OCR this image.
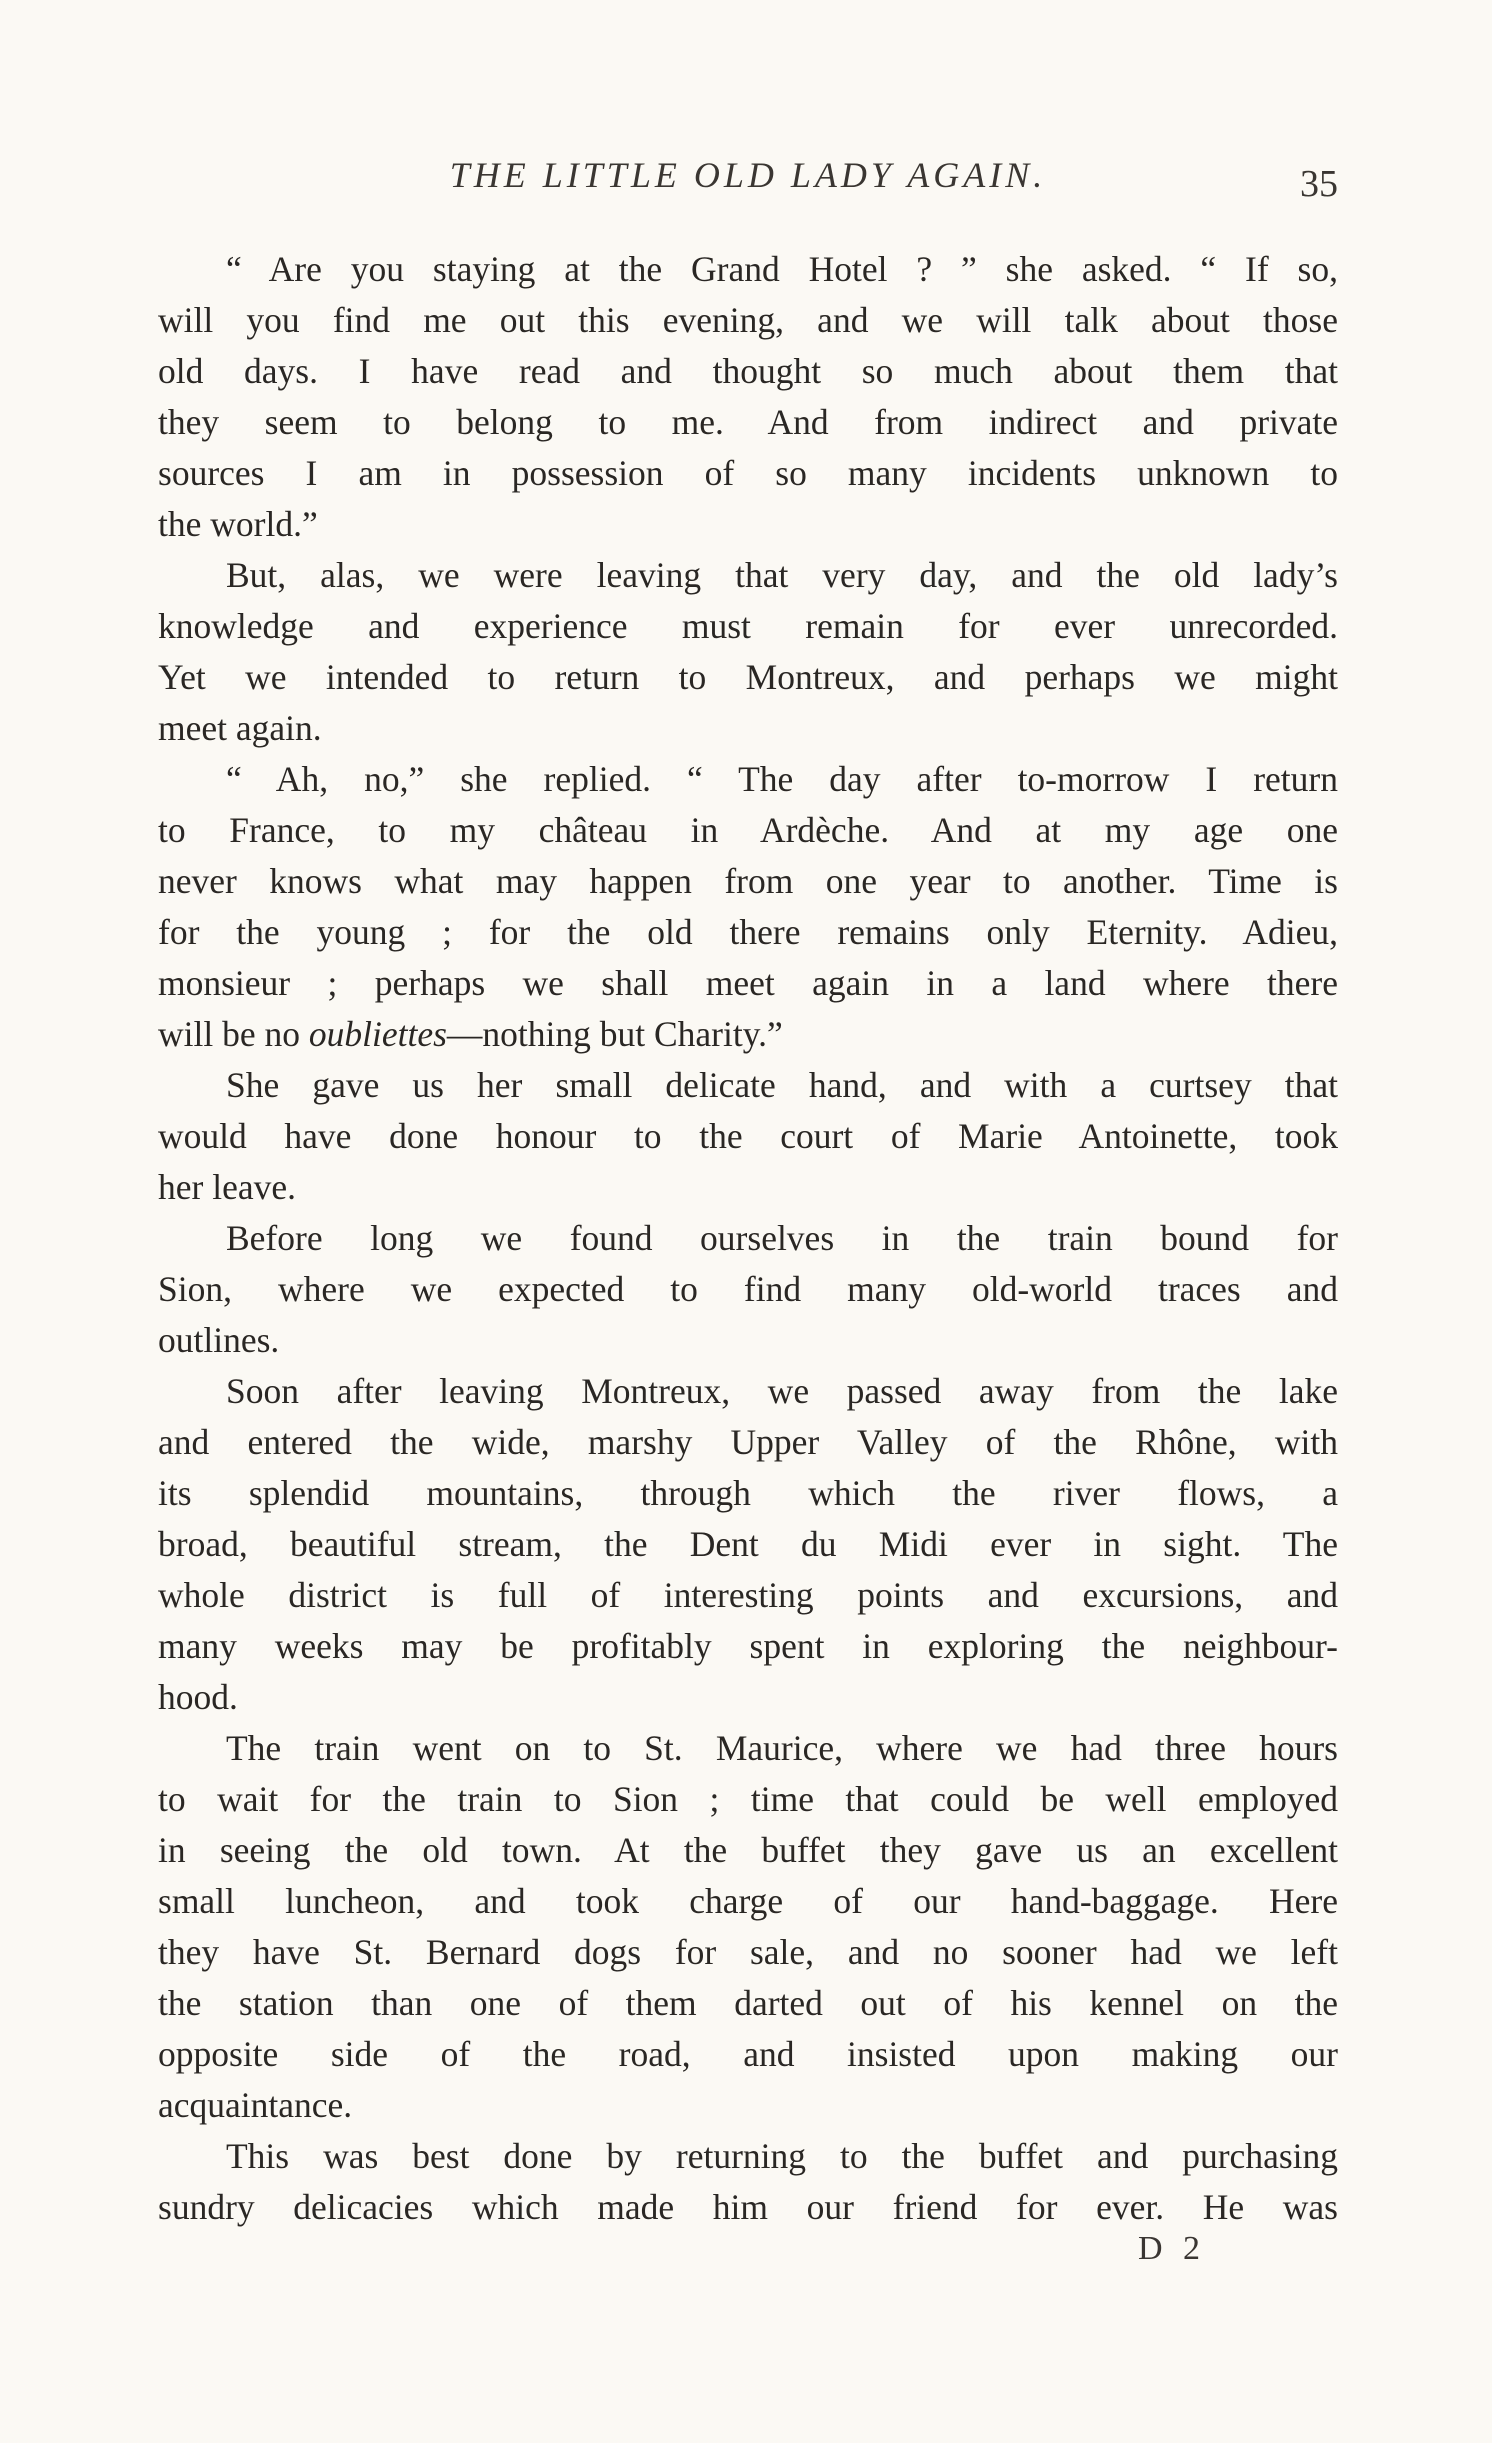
THE LITTLE OLD LADY AGAIN.	35
“ Are you staying at the Grand Hotel ? ” she asked. “ If so,
will you find me out this evening, and we will talk about those
old days. I have read and thought so much about them that
they seem to belong to me. And from indirect and private
sources I am in possession of so many incidents unknown to
the world.”
But, alas, we were leaving that very day, and the old lady’s
knowledge and experience must remain for ever unrecorded.
Yet we intended to return to Montreux, and perhaps we might
meet again.
“ Ah, no,” she replied. “ The day after to-morrow I return
to France, to my château in Ardèche. And at my age one
never knows what may happen from one year to another. Time is
for the young ; for the old there remains only Eternity. Adieu,
monsieur ; perhaps we shall meet again in a land where there
will be no oubliettes—nothing but Charity.”
She gave us her small delicate hand, and with a curtsey that
would have done honour to the court of Marie Antoinette, took
her leave.
Before long we found ourselves in the train bound for
Sion, where we expected to find many old-world traces and
outlines.
Soon after leaving Montreux, we passed away from the lake
and entered the wide, marshy Upper Valley of the Rhône, with
its splendid mountains, through which the river flows, a
broad, beautiful stream, the Dent du Midi ever in sight. The
whole district is full of interesting points and excursions, and
many weeks may be profitably spent in exploring the neighbour-
hood.
The train went on to St. Maurice, where we had three hours
to wait for the train to Sion ; time that could be well employed
in seeing the old town. At the buffet they gave us an excellent
small luncheon, and took charge of our hand-baggage. Here
they have St. Bernard dogs for sale, and no sooner had we left
the station than one of them darted out of his kennel on the
opposite side of the road, and insisted upon making our
acquaintance.
This was best done by returning to the buffet and purchasing
sundry delicacies which made him our friend for ever. He was
D 2
